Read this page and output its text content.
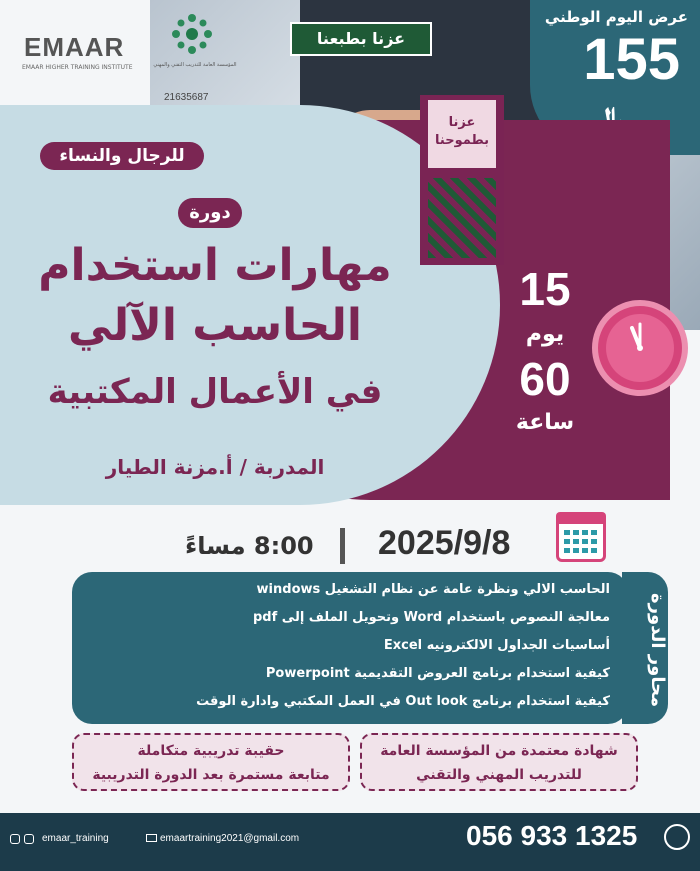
عرض اليوم الوطني
155
EMAAR
EMAAR HIGHER TRAINING INSTITUTE	المؤسسة العامة للتدريب التقني والمهني
21635687
عزنا بطبعنا
عزنا بطموحنا
للرجال والنساء
دورة
مهارات استخدام
الحاسب الآلي
في الأعمال المكتبية
المدربة / أ.مزنة الطيار
15
يوم
60
ساعة
8:00 مساءً 2025/9/8
محاور الدورة
الحاسب الالي ونظرة عامة عن نظام التشغيل windows
معالجة النصوص باستخدام Word وتحويل الملف إلى pdf
أساسيات الجداول الالكترونيه Excel
كيفية استخدام برنامج العروض التقديمية Powerpoint
كيفية استخدام برنامج Out look في العمل المكتبي وادارة الوقت
حقيبة تدريبية متكاملة
متابعة مستمرة بعد الدورة التدريبية
شهادة معتمدة من المؤسسة العامة
للتدريب المهني والتقني
056 933 1325
emaartraining2021@gmail.com
emaar_training
